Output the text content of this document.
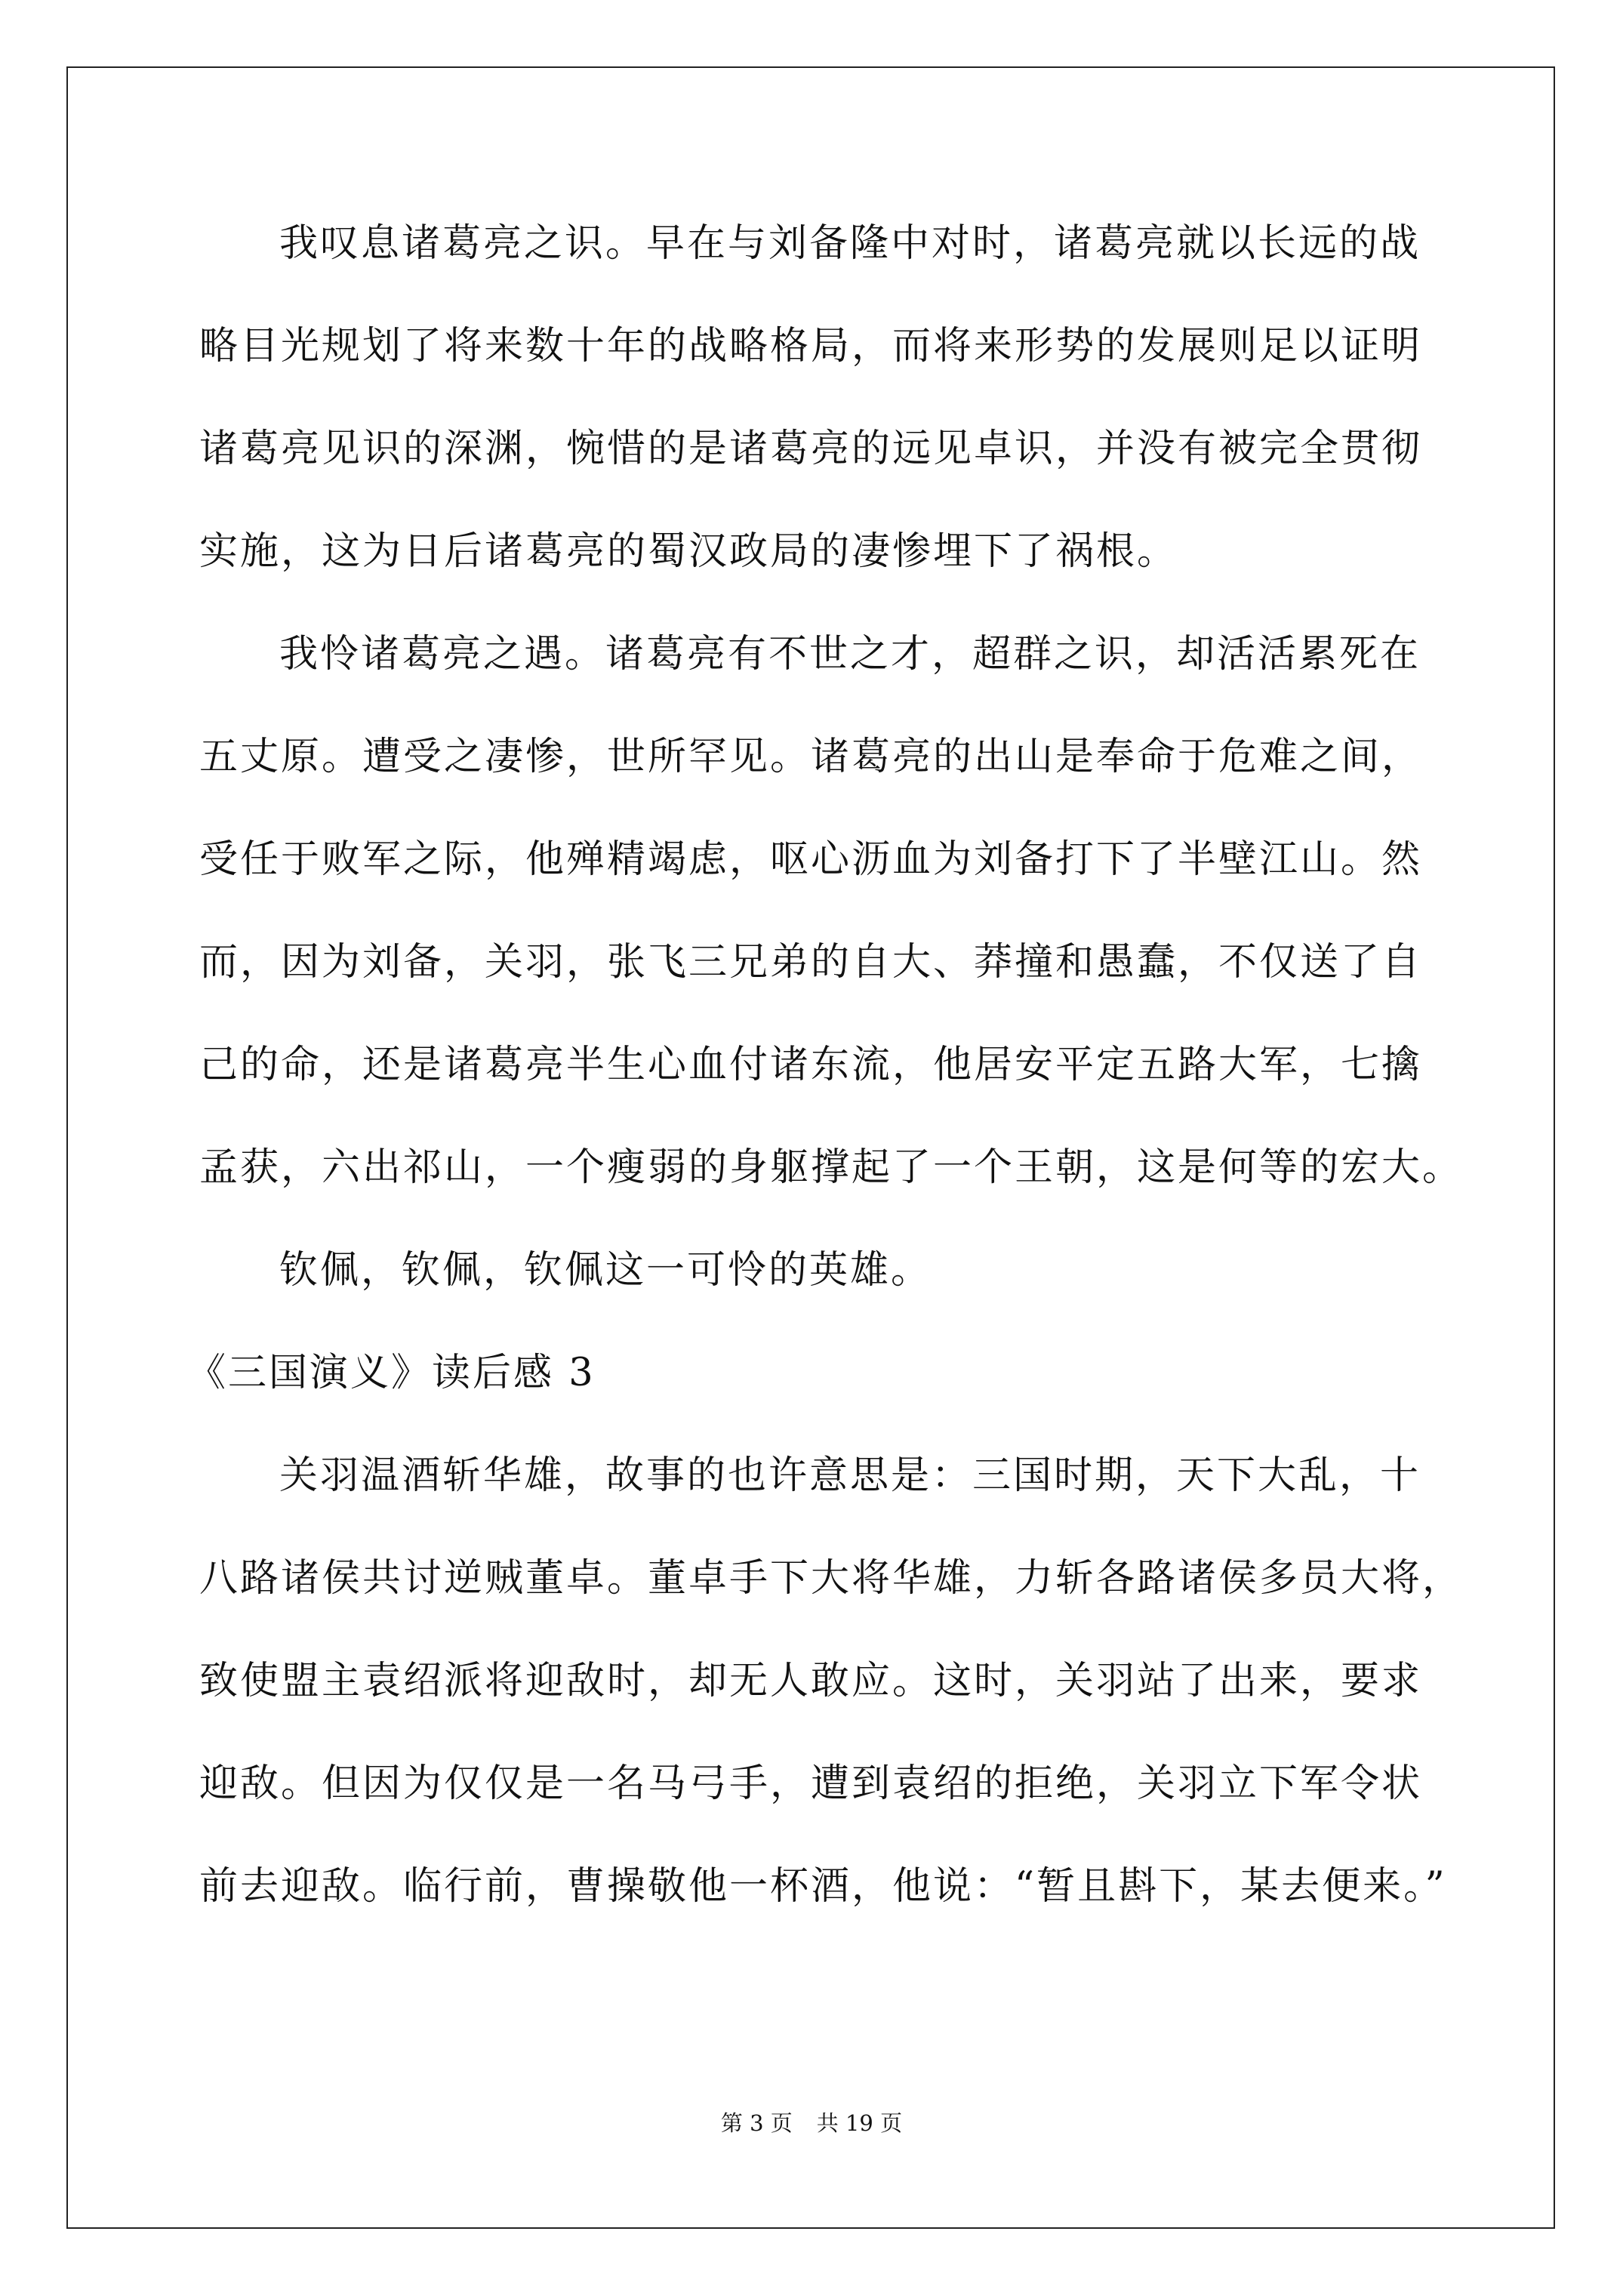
我叹息诸葛亮之识。早在与刘备隆中对时，诸葛亮就以长远的战
略目光规划了将来数十年的战略格局，而将来形势的发展则足以证明
诸葛亮见识的深渊，惋惜的是诸葛亮的远见卓识，并没有被完全贯彻
实施，这为日后诸葛亮的蜀汉政局的凄惨埋下了祸根。
我怜诸葛亮之遇。诸葛亮有不世之才，超群之识，却活活累死在
五丈原。遭受之凄惨，世所罕见。诸葛亮的出山是奉命于危难之间，
受任于败军之际，他殚精竭虑，呕心沥血为刘备打下了半壁江山。然
而，因为刘备，关羽，张飞三兄弟的自大、莽撞和愚蠢，不仅送了自
己的命，还是诸葛亮半生心血付诸东流，他居安平定五路大军，七擒
孟获，六出祁山，一个瘦弱的身躯撑起了一个王朝，这是何等的宏大。
钦佩，钦佩，钦佩这一可怜的英雄。
《三国演义》读后感 3
关羽温酒斩华雄，故事的也许意思是：三国时期，天下大乱，十
八路诸侯共讨逆贼董卓。董卓手下大将华雄，力斩各路诸侯多员大将，
致使盟主袁绍派将迎敌时，却无人敢应。这时，关羽站了出来，要求
迎敌。但因为仅仅是一名马弓手，遭到袁绍的拒绝，关羽立下军令状
前去迎敌。临行前，曹操敬他一杯酒，他说：“暂且斟下，某去便来。”
第 3 页 共 19 页
